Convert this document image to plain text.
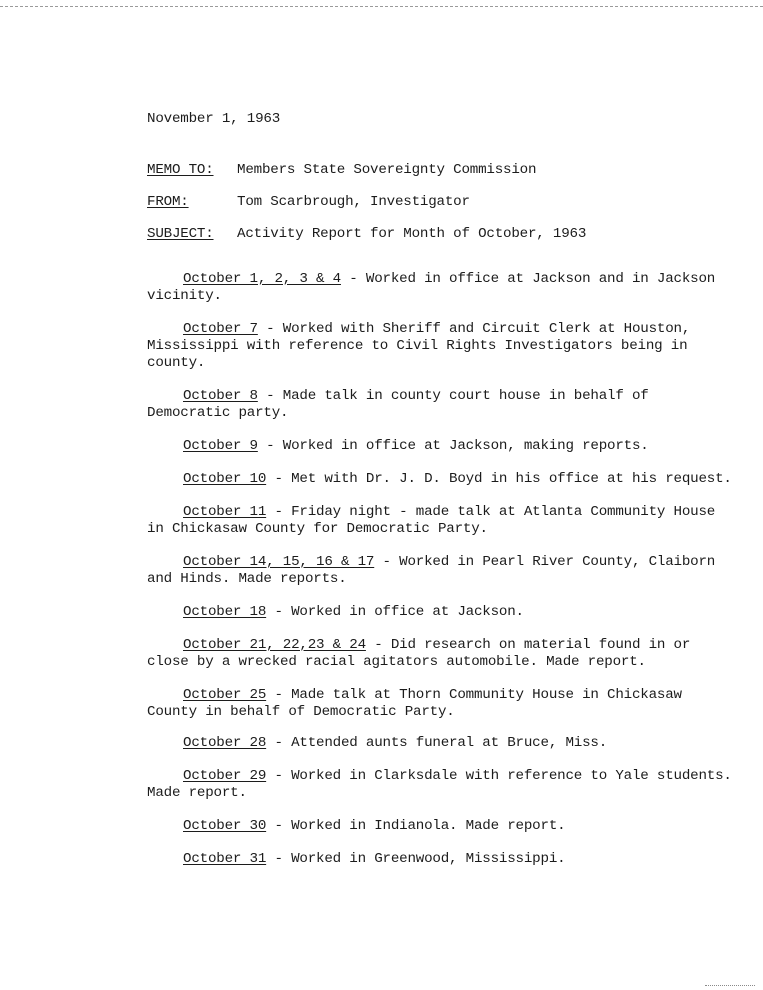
November 1, 1963
MEMO TO: Members State Sovereignty Commission
FROM:	Tom Scarbrough, Investigator
SUBJECT: Activity Report for Month of October, 1963

October 1, 2, 3 & 4 - Worked in office at Jackson and in Jackson vicinity.

October 7 - Worked with Sheriff and Circuit Clerk at Houston, Mississippi with reference to Civil Rights Investigators being in county.

October 8 - Made talk in county court house in behalf of Democratic party.

October 9 - Worked in office at Jackson, making reports.

October 10 - Met with Dr. J. D. Boyd in his office at his request.

October 11 - Friday night - made talk at Atlanta Community House in Chickasaw County for Democratic Party.

October 14, 15, 16 & 17 - Worked in Pearl River County, Claiborn and Hinds. Made reports.

October 18 - Worked in office at Jackson.

October 21, 22,23 & 24 - Did research on material found in or close by a wrecked racial agitators automobile. Made report.

October 25 - Made talk at Thorn Community House in Chickasaw County in behalf of Democratic Party.

October 28 - Attended aunts funeral at Bruce, Miss.

October 29 - Worked in Clarksdale with reference to Yale students. Made report.

October 30 - Worked in Indianola. Made report.

October 31 - Worked in Greenwood, Mississippi.
